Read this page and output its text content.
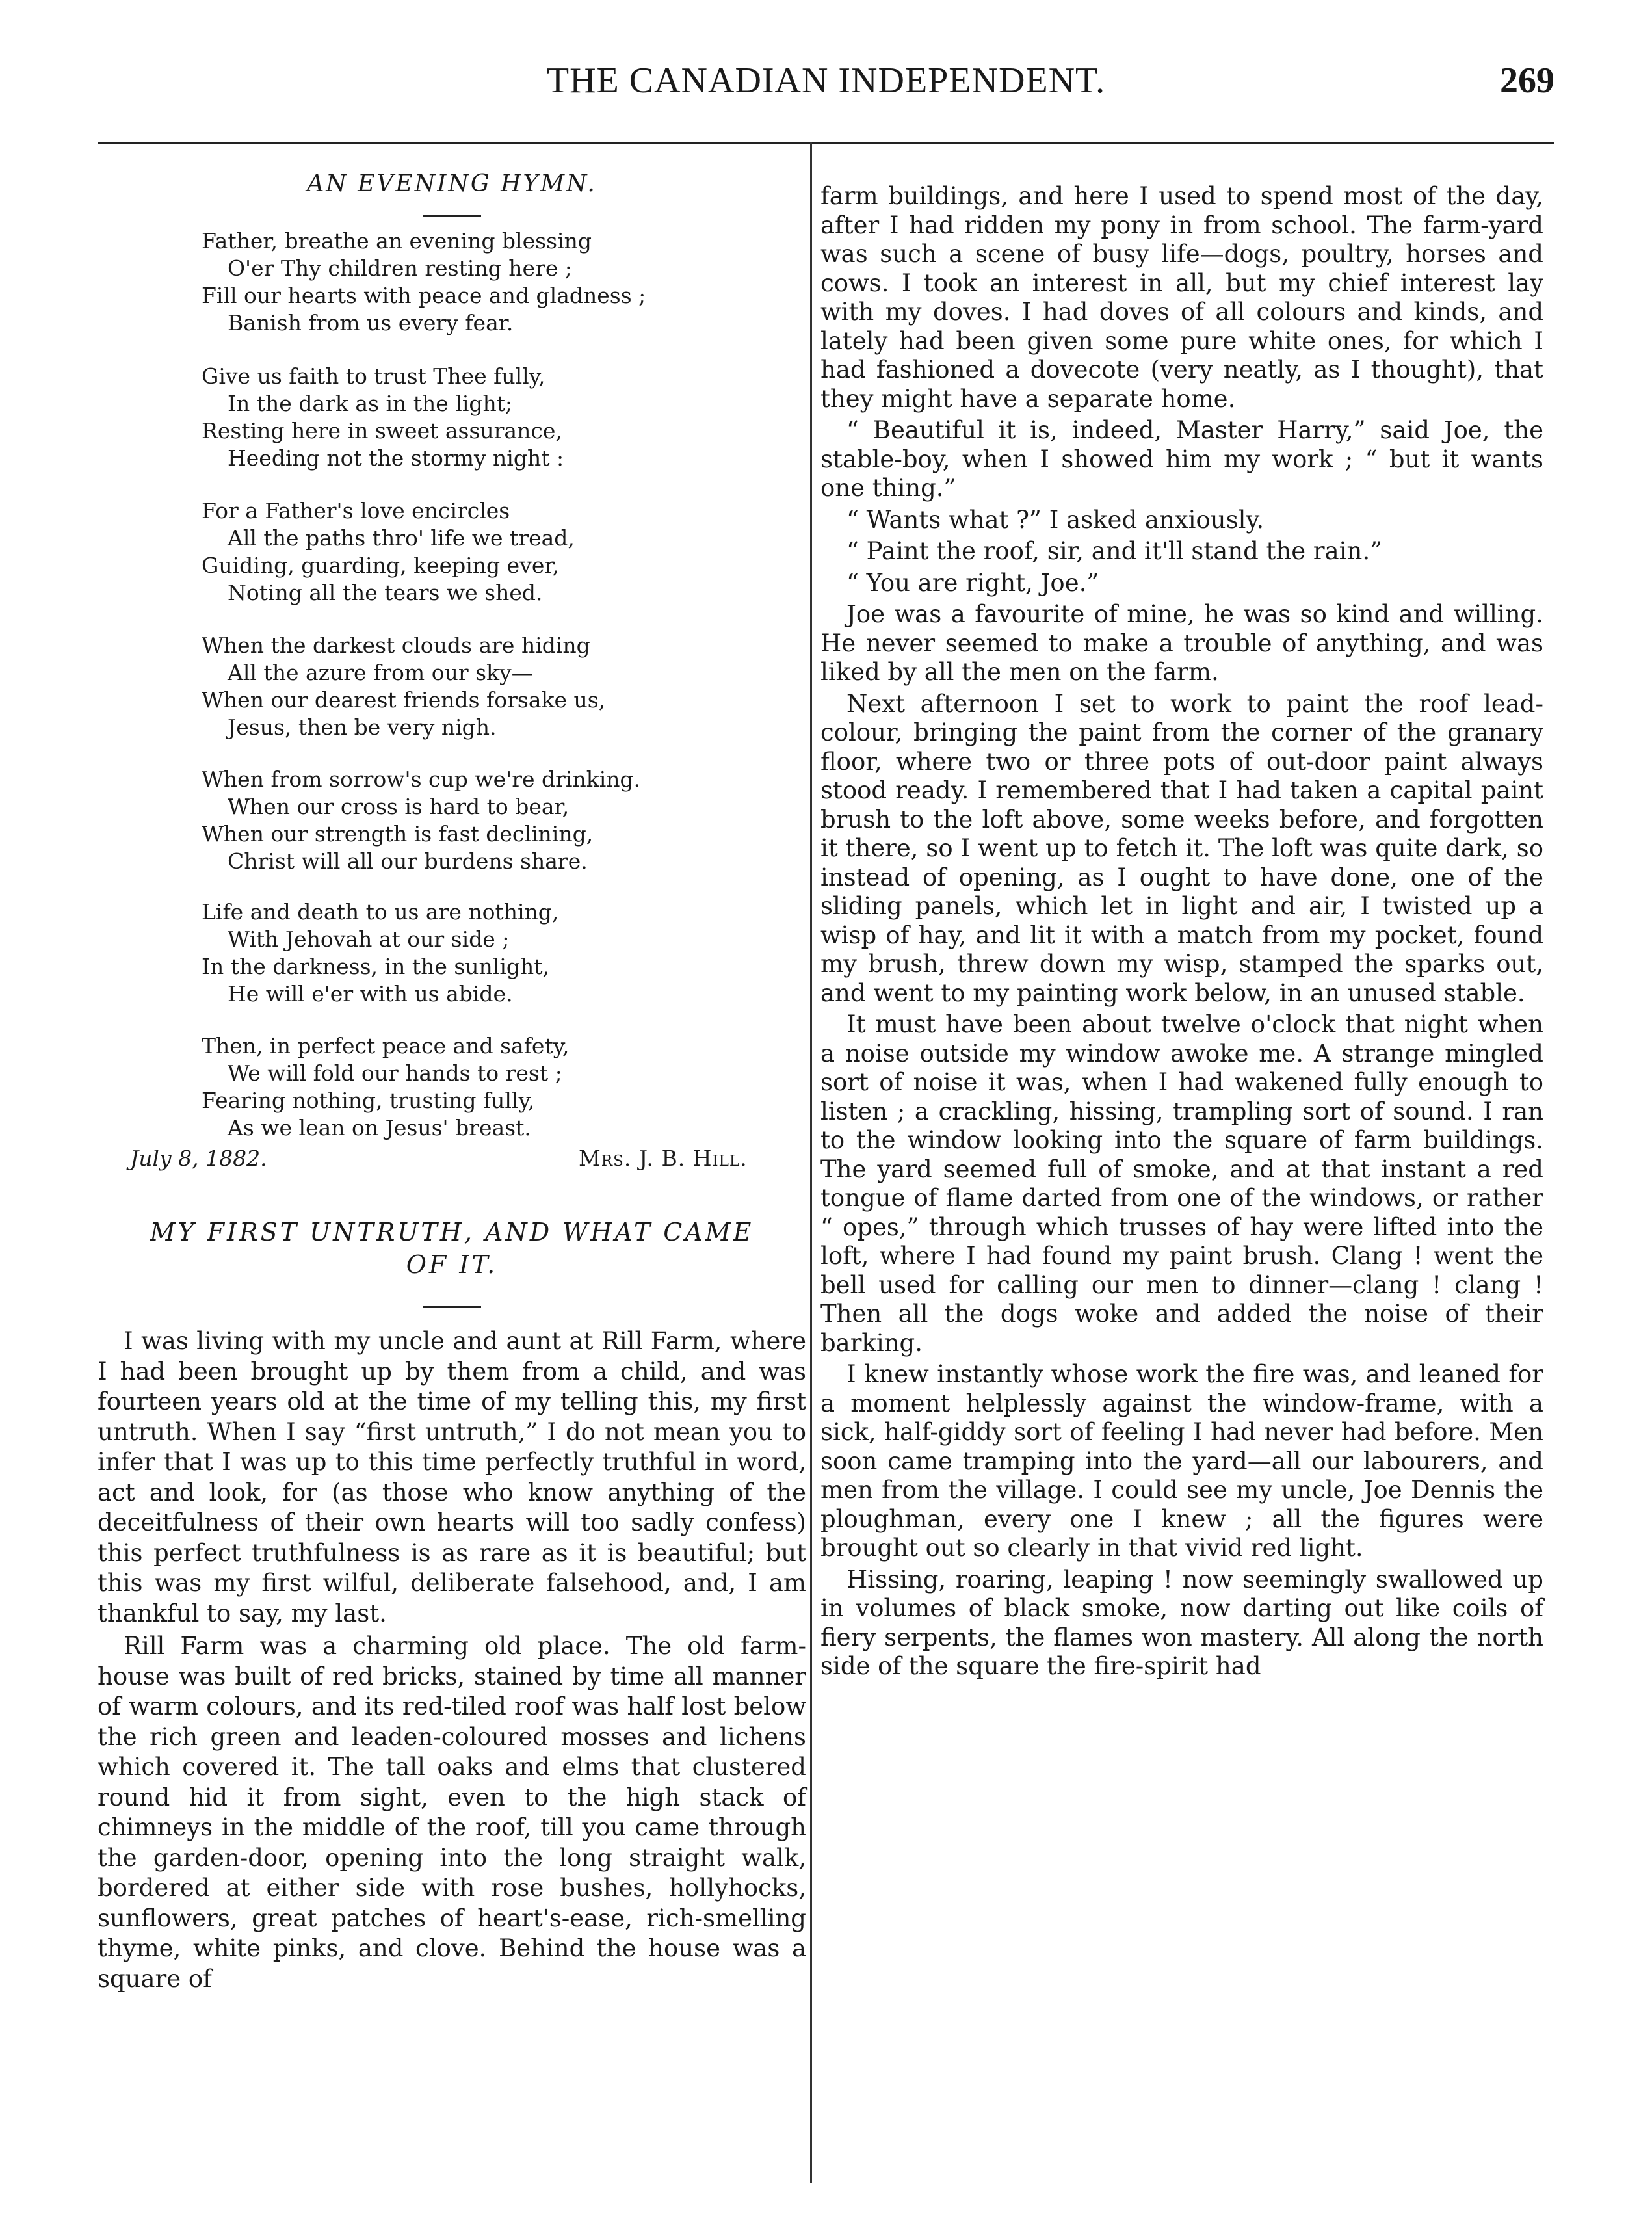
THE CANADIAN INDEPENDENT.	269
AN EVENING HYMN.
Father, breathe an evening blessing
O'er Thy children resting here ;
Fill our hearts with peace and gladness ;
Banish from us every fear.
Give us faith to trust Thee fully,
In the dark as in the light;
Resting here in sweet assurance,
Heeding not the stormy night :
For a Father's love encircles
All the paths thro' life we tread,
Guiding, guarding, keeping ever,
Noting all the tears we shed.
When the darkest clouds are hiding
All the azure from our sky—
When our dearest friends forsake us,
Jesus, then be very nigh.
When from sorrow's cup we're drinking.
When our cross is hard to bear,
When our strength is fast declining,
Christ will all our burdens share.
Life and death to us are nothing,
With Jehovah at our side ;
In the darkness, in the sunlight,
He will e'er with us abide.
Then, in perfect peace and safety,
We will fold our hands to rest ;
Fearing nothing, trusting fully,
As we lean on Jesus' breast.
July 8, 1882.	Mrs. J. B. Hill.
MY FIRST UNTRUTH, AND WHAT CAME
OF IT.

I was living with my uncle and aunt at Rill Farm, where I had been brought up by them from a child, and was fourteen years old at the time of my telling this, my first untruth. When I say “first untruth,” I do not mean you to infer that I was up to this time perfectly truthful in word, act and look, for (as those who know anything of the deceitfulness of their own hearts will too sadly confess) this perfect truthfulness is as rare as it is beautiful; but this was my first wilful, deliberate falsehood, and, I am thankful to say, my last.

Rill Farm was a charming old place. The old farm-house was built of red bricks, stained by time all manner of warm colours, and its red-tiled roof was half lost below the rich green and leaden-coloured mosses and lichens which covered it. The tall oaks and elms that clustered round hid it from sight, even to the high stack of chimneys in the middle of the roof, till you came through the garden-door, opening into the long straight walk, bordered at either side with rose bushes, hollyhocks, sunflowers, great patches of heart's-ease, rich-smelling thyme, white pinks, and clove. Behind the house was a square of

farm buildings, and here I used to spend most of the day, after I had ridden my pony in from school. The farm-yard was such a scene of busy life—dogs, poultry, horses and cows. I took an interest in all, but my chief interest lay with my doves. I had doves of all colours and kinds, and lately had been given some pure white ones, for which I had fashioned a dovecote (very neatly, as I thought), that they might have a separate home.

“ Beautiful it is, indeed, Master Harry,” said Joe, the stable-boy, when I showed him my work ; “ but it wants one thing.”

“ Wants what ?” I asked anxiously.

“ Paint the roof, sir, and it'll stand the rain.”

“ You are right, Joe.”

Joe was a favourite of mine, he was so kind and willing. He never seemed to make a trouble of anything, and was liked by all the men on the farm.

Next afternoon I set to work to paint the roof lead-colour, bringing the paint from the corner of the granary floor, where two or three pots of out-door paint always stood ready. I remembered that I had taken a capital paint brush to the loft above, some weeks before, and forgotten it there, so I went up to fetch it. The loft was quite dark, so instead of opening, as I ought to have done, one of the sliding panels, which let in light and air, I twisted up a wisp of hay, and lit it with a match from my pocket, found my brush, threw down my wisp, stamped the sparks out, and went to my painting work below, in an unused stable.

It must have been about twelve o'clock that night when a noise outside my window awoke me. A strange mingled sort of noise it was, when I had wakened fully enough to listen ; a crackling, hissing, trampling sort of sound. I ran to the window looking into the square of farm buildings. The yard seemed full of smoke, and at that instant a red tongue of flame darted from one of the windows, or rather “ opes,” through which trusses of hay were lifted into the loft, where I had found my paint brush. Clang ! went the bell used for calling our men to dinner—clang ! clang ! Then all the dogs woke and added the noise of their barking.

I knew instantly whose work the fire was, and leaned for a moment helplessly against the window-frame, with a sick, half-giddy sort of feeling I had never had before. Men soon came tramping into the yard—all our labourers, and men from the village. I could see my uncle, Joe Dennis the ploughman, every one I knew ; all the figures were brought out so clearly in that vivid red light.

Hissing, roaring, leaping ! now seemingly swallowed up in volumes of black smoke, now darting out like coils of fiery serpents, the flames won mastery. All along the north side of the square the fire-spirit had
